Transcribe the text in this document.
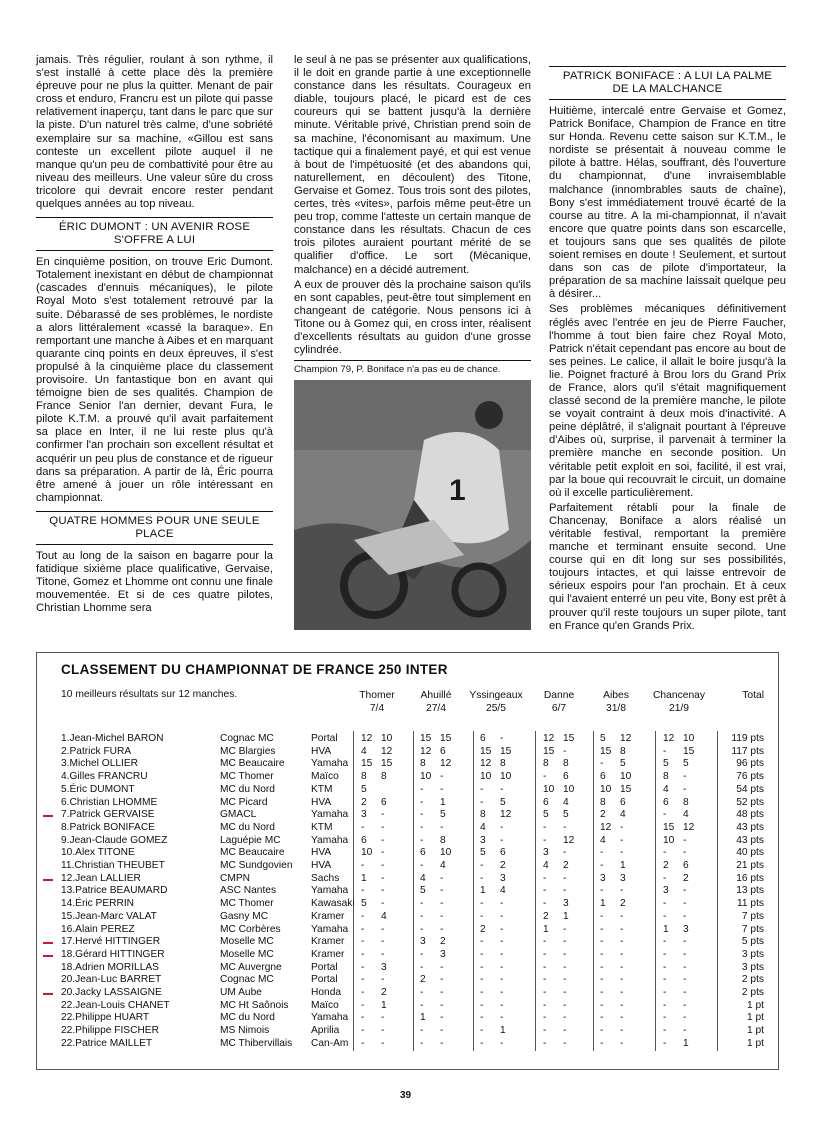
jamais. Très régulier, roulant à son rythme, il s'est installé à cette place dès la première épreuve pour ne plus la quitter. Menant de pair cross et enduro, Francru est un pilote qui passe relativement inaperçu, tant dans le parc que sur la piste. D'un naturel très calme, d'une sobriété exemplaire sur sa machine, «Gillou est sans conteste un excellent pilote auquel il ne manque qu'un peu de combattivité pour être au niveau des meilleurs. Une valeur sûre du cross tricolore qui devrait encore rester pendant quelques années au top niveau.

ÉRIC DUMONT : UN AVENIR ROSE S'OFFRE A LUI

En cinquième position, on trouve Eric Dumont. Totalement inexistant en début de championnat (cascades d'ennuis mécaniques), le pilote Royal Moto s'est totalement retrouvé par la suite. Débarassé de ses problèmes, le nordiste a alors littéralement «cassé la baraque». En remportant une manche à Aibes et en marquant quarante cinq points en deux épreuves, il s'est propulsé à la cinquième place du classement provisoire. Un fantastique bon en avant qui témoigne bien de ses qualités. Champion de France Senior l'an dernier, devant Fura, le pilote K.T.M. a prouvé qu'il avait parfaitement sa place en Inter, il ne lui reste plus qu'à confirmer l'an prochain son excellent résultat et acquérir un peu plus de constance et de rigueur dans sa préparation. A partir de là, Éric pourra être amené à jouer un rôle intéressant en championnat.

QUATRE HOMMES POUR UNE SEULE PLACE

Tout au long de la saison en bagarre pour la fatidique sixième place qualificative, Gervaise, Titone, Gomez et Lhomme ont connu une finale mouvementée. Et si de ces quatre pilotes, Christian Lhomme sera

le seul à ne pas se présenter aux qualifications, il le doit en grande partie à une exceptionnelle constance dans les résultats. Courageux en diable, toujours placé, le picard est de ces coureurs qui se battent jusqu'à la dernière minute. Véritable privé, Christian prend soin de sa machine, l'économisant au maximum. Une tactique qui a finalement payé, et qui est venue à bout de l'impétuosité (et des abandons qui, naturellement, en découlent) des Titone, Gervaise et Gomez. Tous trois sont des pilotes, certes, très «vites», parfois même peut-être un peu trop, comme l'atteste un certain manque de constance dans les résultats. Chacun de ces trois pilotes auraient pourtant mérité de se qualifier d'office. Le sort (Mécanique, malchance) en a décidé autrement.

A eux de prouver dès la prochaine saison qu'ils en sont capables, peut-être tout simplement en changeant de catégorie. Nous pensons ici à Titone ou à Gomez qui, en cross inter, réalisent d'excellents résultats au guidon d'une grosse cylindrée.

Champion 79, P. Boniface n'a pas eu de chance.
1
PATRICK BONIFACE : A LUI LA PALME DE LA MALCHANCE

Huitième, intercalé entre Gervaise et Gomez, Patrick Boniface, Champion de France en titre sur Honda. Revenu cette saison sur K.T.M., le nordiste se présentait à nouveau comme le pilote à battre. Hélas, souffrant, dès l'ouverture du championnat, d'une invraisemblable malchance (innombrables sauts de chaîne), Bony s'est immédiatement trouvé écarté de la course au titre. A la mi-championnat, il n'avait encore que quatre points dans son escarcelle, et toujours sans que ses qualités de pilote soient remises en doute ! Seulement, et surtout dans son cas de pilote d'importateur, la préparation de sa machine laissait quelque peu à désirer...

Ses problèmes mécaniques définitivement réglés avec l'entrée en jeu de Pierre Faucher, l'homme à tout bien faire chez Royal Moto, Patrick n'était cependant pas encore au bout de ses peines. Le calice, il allait le boire jusqu'à la lie. Poignet fracturé à Brou lors du Grand Prix de France, alors qu'il s'était magnifiquement classé second de la première manche, le pilote se voyait contraint à deux mois d'inactivité. A peine déplâtré, il s'alignait pourtant à l'épreuve d'Aibes où, surprise, il parvenait à terminer la première manche en seconde position. Un véritable petit exploit en soi, facilité, il est vrai, par la boue qui recouvrait le circuit, un domaine où il excelle particulièrement.

Parfaitement rétabli pour la finale de Chancenay, Boniface a alors réalisé un véritable festival, remportant la première manche et terminant ensuite second. Une course qui en dit long sur ses possibilités, toujours intactes, et qui laisse entrevoir de sérieux espoirs pour l'an prochain. Et à ceux qui l'avaient enterré un peu vite, Bony est prêt à prouver qu'il reste toujours un super pilote, tant en France qu'en Grands Prix.

CLASSEMENT DU CHAMPIONNAT DE FRANCE 250 INTER
10 meilleurs résultats sur 12 manches.	Thomer
7/4
Ahuillé
27/4
Yssingeaux
25/5
Danne
6/7
Aibes
31/8
Chancenay
21/9
Total
1.Jean-Michel BARON	Cognac MC	Portal 12 10	15 15	6 -	12 15	5 12	12 10	119 pts
2.Patrick FURA	MC Blargies	HVA	4 12	12 6	15 15	15 -	15 8	- 15	117 pts
3.Michel OLLIER	MC Beaucaire	Yamaha 15 15	8 12	12 8	8 8	- 5	5 5	96 pts
4.Gilles FRANCRU	MC Thomer	Maïco 8 8	10 -	10 10	- 6	6 10	8 -	76 pts
5.Éric DUMONT	MC du Nord	KTM	5	- -	- -	10 10	10 15	4 -	54 pts
6.Christian LHOMME	MC Picard	HVA	2 6	- 1	- 5	6 4	8 6	6 8	52 pts
7.Patrick GERVAISE	GMACL	Yamaha 3 -	- 5	8 12	5 5	2 4	- 4	48 pts
8.Patrick BONIFACE	MC du Nord	KTM	- -	- -	4 -	- -	12 -	15 12	43 pts
9.Jean-Claude GOMEZ	Laguépie MC	Yamaha 6 -	- 8	3 -	- 12	4 -	10 -	43 pts
10.Alex TITONE	MC Beaucaire	HVA	10 -	6 10	5 6	3 -	- -	- -	40 pts
11.Christian THEUBET	MC Sundgovien HVA	- -	- 4	- 2	4 2	- 1	2 6	21 pts
12.Jean LALLIER	CMPN	Sachs 1 -	4 -	- 3	- -	3 3	- 2	16 pts
13.Patrice BEAUMARD	ASC Nantes	Yamaha - -	5 -	1 4	- -	- -	3 -	13 pts
14.Éric PERRIN	MC Thomer	Kawasaki 5 -	- -	- -	- 3	1 2	- -	11 pts
15.Jean-Marc VALAT	Gasny MC	Kramer - 4	- -	- -	2 1	- -	- -	7 pts
16.Alain PEREZ	MC Corbères	Yamaha - -	- -	2 -	1 -	- -	1 3	7 pts
17.Hervé HITTINGER	Moselle MC	Kramer - -	3 2	- -	- -	- -	- -	5 pts
18.Gérard HITTINGER	Moselle MC	Kramer - -	- 3	- -	- -	- -	- -	3 pts
18.Adrien MORILLAS	MC Auvergne	Portal - 3	- -	- -	- -	- -	- -	3 pts
20.Jean-Luc BARRET	Cognac MC	Portal - -	2 -	- -	- -	- -	- -	2 pts
20.Jacky LASSAIGNE	UM Aube	Honda - 2	- -	- -	- -	- -	- -	2 pts
22.Jean-Louis CHANET	MC Ht Saônois Maïco - 1	- -	- -	- -	- -	- -	1 pt
22.Philippe HUART	MC du Nord	Yamaha - -	1 -	- -	- -	- -	- -	1 pt
22.Philippe FISCHER	MS Nimois	Aprilia - -	- -	- 1	- -	- -	- -	1 pt
22.Patrice MAILLET	MC Thibervillais Can-Am - -	- -	- -	- -	- -	- 1	1 pt
39
